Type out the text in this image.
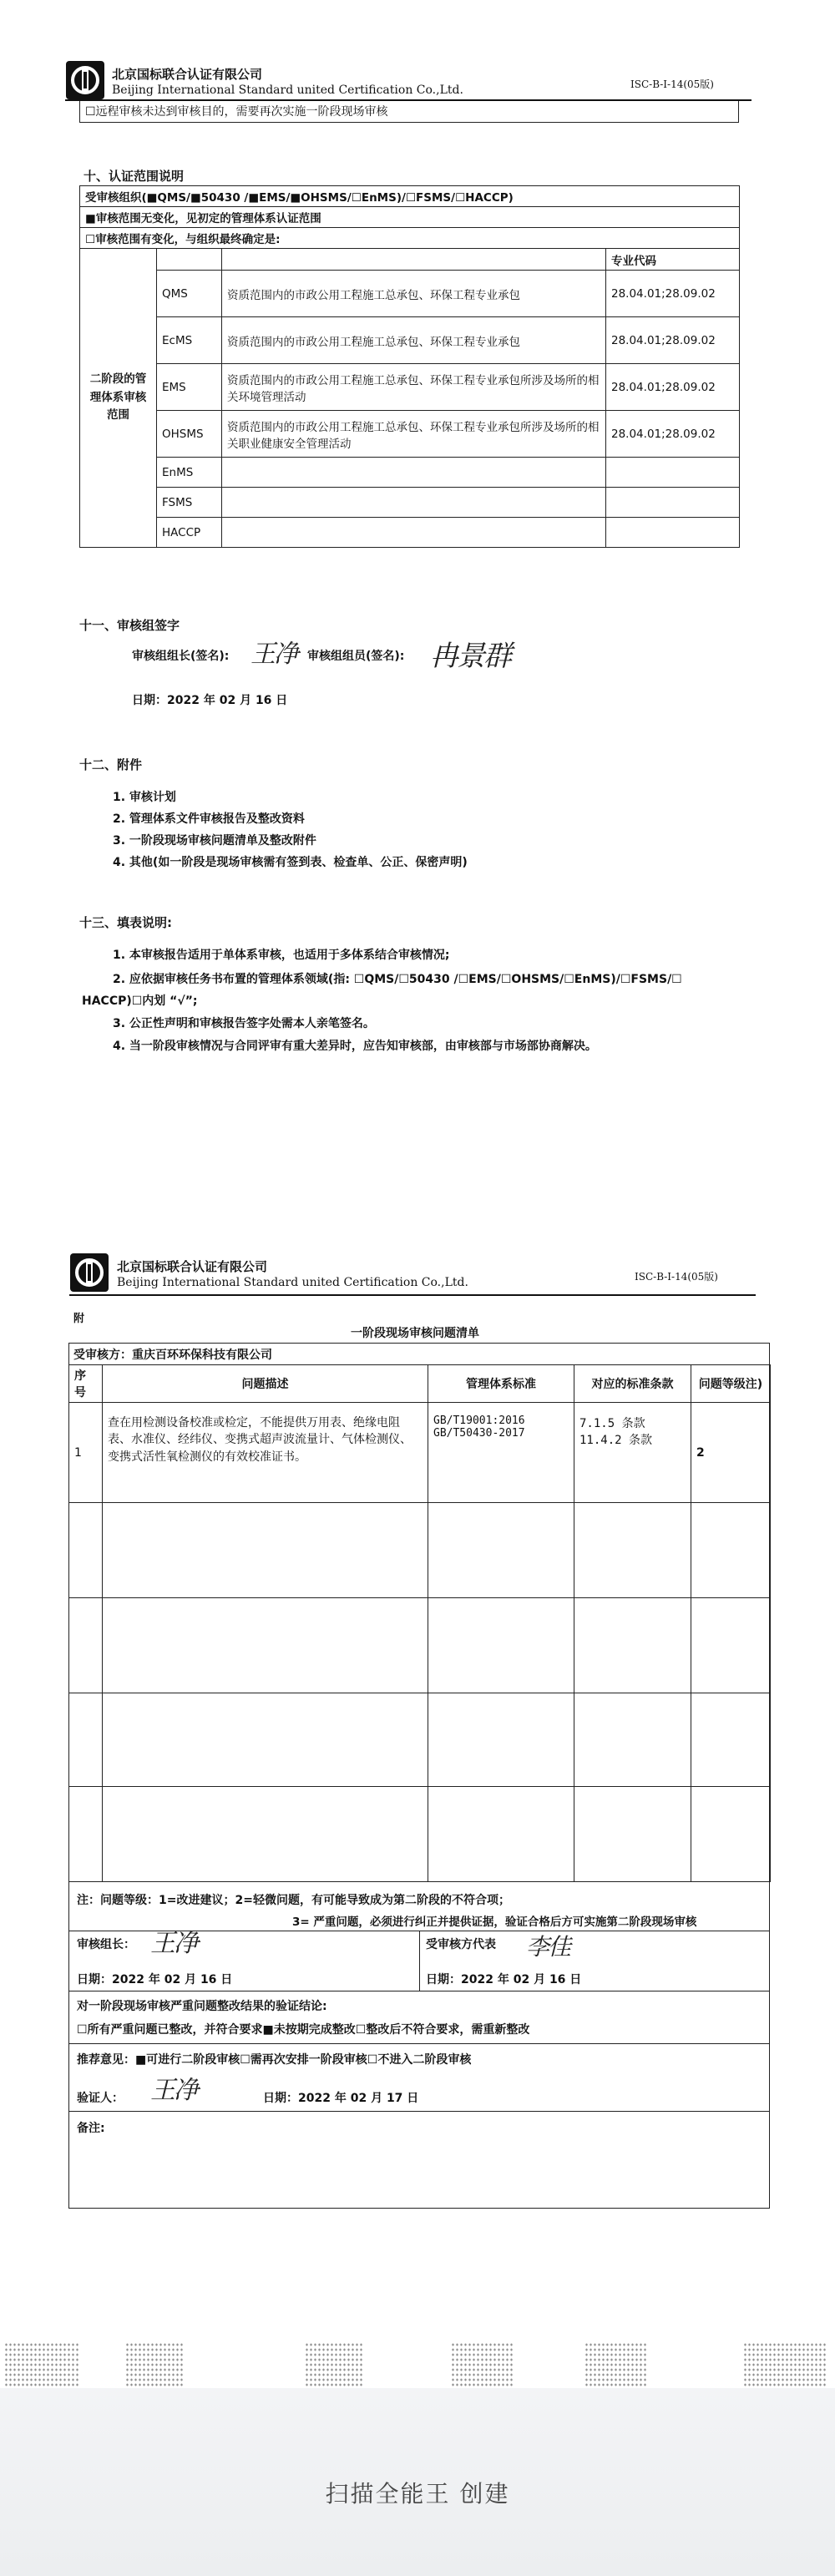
北京国标联合认证有限公司
Beijing International Standard united Certification Co.,Ltd.	ISC-B-I-14(05版)
☐远程审核未达到审核目的，需要再次实施一阶段现场审核
十、认证范围说明
受审核组织(■QMS/■50430 /■EMS/■OHSMS/☐EnMS)/☐FSMS/☐HACCP)			
■审核范围无变化，见初定的管理体系认证范围			
☐审核范围有变化，与组织最终确定是:			
二阶段的管理体系审核范围			专业代码
	QMS	资质范围内的市政公用工程施工总承包、环保工程专业承包	28.04.01;28.09.02
	EcMS	资质范围内的市政公用工程施工总承包、环保工程专业承包	28.04.01;28.09.02
	EMS	资质范围内的市政公用工程施工总承包、环保工程专业承包所涉及场所的相关环境管理活动	28.04.01;28.09.02
	OHSMS	资质范围内的市政公用工程施工总承包、环保工程专业承包所涉及场所的相关职业健康安全管理活动	28.04.01;28.09.02
	EnMS		
	FSMS		
	HACCP		
十一、审核组签字
审核组组长(签名): 王净 审核组组员(签名): 冉景群
日期：2022 年 02 月 16 日
十二、附件
1. 审核计划
2. 管理体系文件审核报告及整改资料
3. 一阶段现场审核问题清单及整改附件
4. 其他(如一阶段是现场审核需有签到表、检查单、公正、保密声明)
十三、填表说明:
1. 本审核报告适用于单体系审核，也适用于多体系结合审核情况;
2. 应依据审核任务书布置的管理体系领域(指: ☐QMS/☐50430 /☐EMS/☐OHSMS/☐EnMS)/☐FSMS/☐
HACCP)☐内划 “√”;
3. 公正性声明和审核报告签字处需本人亲笔签名。
4. 当一阶段审核情况与合同评审有重大差异时，应告知审核部，由审核部与市场部协商解决。
北京国标联合认证有限公司
Beijing International Standard united Certification Co.,Ltd.	ISC-B-I-14(05版)
附
一阶段现场审核问题清单
受审核方：重庆百环环保科技有限公司
序号	问题描述	管理体系标准	对应的标准条款	问题等级注)
1	查在用检测设备校准或检定，不能提供万用表、绝缘电阻表、水准仪、经纬仪、变携式超声波流量计、气体检测仪、变携式活性氧检测仪的有效校准证书。	GB/T19001:2016 GB/T50430-2017	7.1.5 条款 11.4.2 条款	2

注：问题等级：1=改进建议；2=轻微问题，有可能导致成为第二阶段的不符合项；
3= 严重问题，必须进行纠正并提供证据，验证合格后方可实施第二阶段现场审核
审核组长： 王净
日期：2022 年 02 月 16 日
受审核方代表 李佳
日期：2022 年 02 月 16 日
对一阶段现场审核严重问题整改结果的验证结论:
☐所有严重问题已整改，并符合要求■未按期完成整改☐整改后不符合要求，需重新整改
推荐意见：■可进行二阶段审核☐需再次安排一阶段审核☐不进入二阶段审核
验证人： 王净	日期：2022 年 02 月 17 日
备注:
扫描全能王 创建
